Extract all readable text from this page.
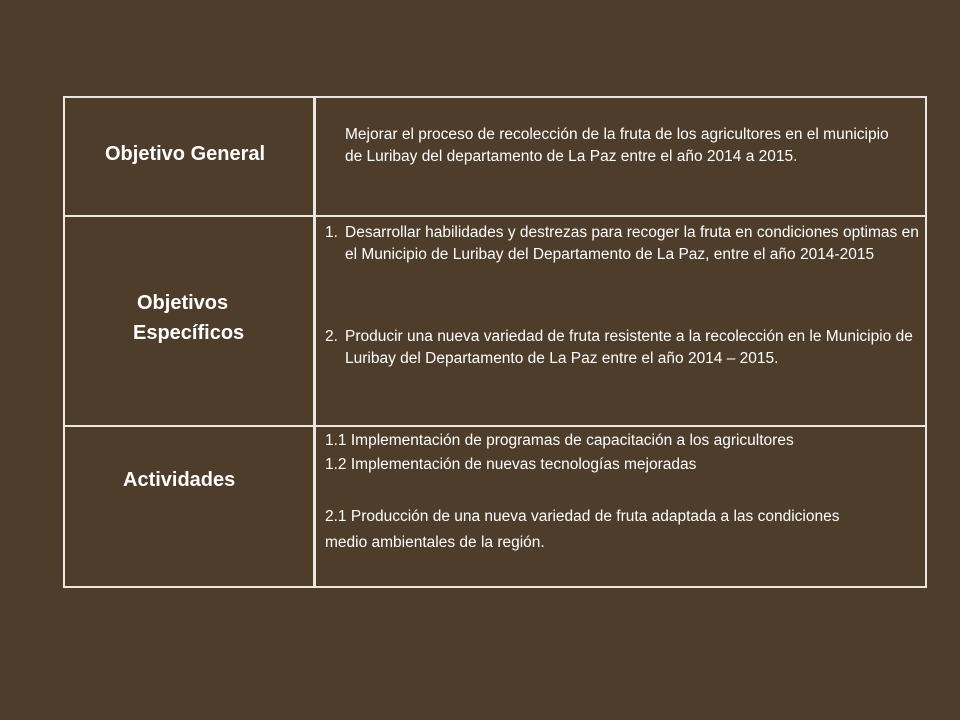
Objetivo General
Mejorar el proceso de recolección de la fruta de los agricultores en el municipio de Luribay del departamento de La Paz entre el año 2014 a 2015.
Objetivos
Específicos
1. Desarrollar habilidades y destrezas para recoger la fruta en condiciones optimas en el Municipio de Luribay del Departamento de La Paz, entre el año 2014-2015
2. Producir una nueva variedad de fruta resistente a la recolección en le Municipio de Luribay del Departamento de La Paz entre el año 2014 – 2015.
Actividades
1.1 Implementación de programas de capacitación a los agricultores
1.2 Implementación de nuevas tecnologías mejoradas
2.1 Producción de una nueva variedad de fruta adaptada a las condiciones medio ambientales de la región.
